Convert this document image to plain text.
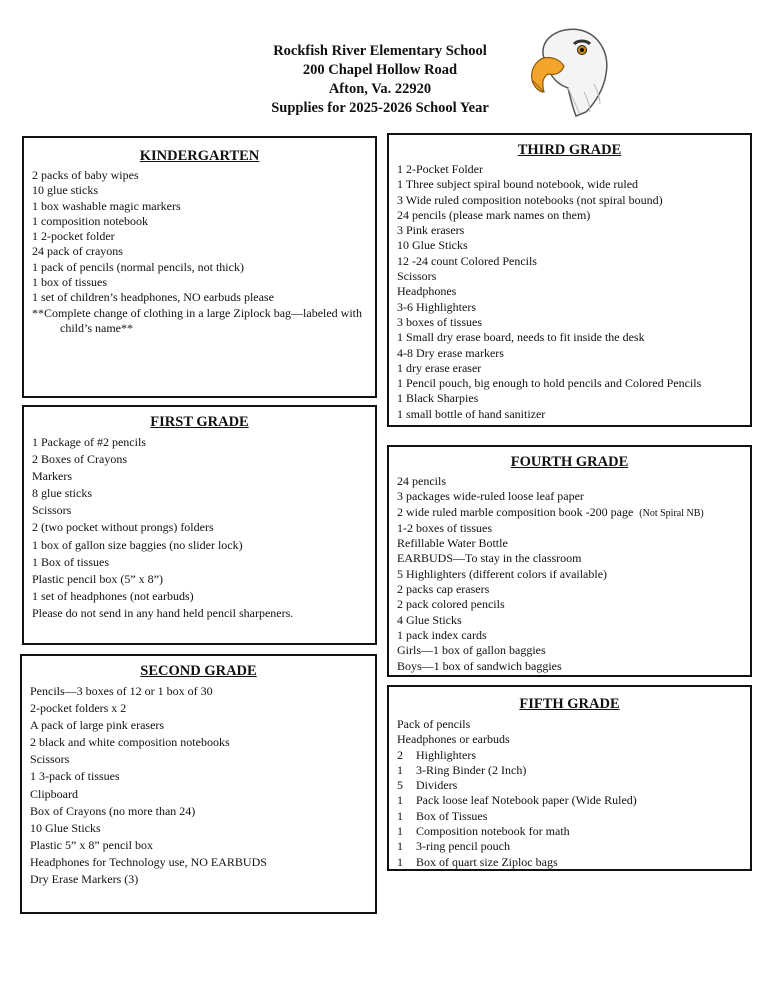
Rockfish River Elementary School
200 Chapel Hollow Road
Afton, Va. 22920
Supplies for 2025-2026 School Year
KINDERGARTEN
2 packs of baby wipes
10 glue sticks
1 box washable magic markers
1 composition notebook
1 2-pocket folder
24 pack of crayons
1 pack of pencils (normal pencils, not thick)
1 box of tissues
1 set of children’s headphones, NO earbuds please
**Complete change of clothing in a large Ziplock bag—labeled with child’s name**
FIRST GRADE
1 Package of #2 pencils
2 Boxes of Crayons
Markers
8 glue sticks
Scissors
2 (two pocket without prongs) folders
1 box of gallon size baggies (no slider lock)
1 Box of tissues
Plastic pencil box (5” x 8”)
1 set of headphones (not earbuds)
Please do not send in any hand held pencil sharpeners.
SECOND GRADE
Pencils—3 boxes of 12 or 1 box of 30
2-pocket folders x 2
A pack of large pink erasers
2 black and white composition notebooks
Scissors
1 3-pack of tissues
Clipboard
Box of Crayons (no more than 24)
10 Glue Sticks
Plastic 5” x 8” pencil box
Headphones for Technology use, NO EARBUDS
Dry Erase Markers (3)
THIRD GRADE
1 2-Pocket Folder
1 Three subject spiral bound notebook, wide ruled
3 Wide ruled composition notebooks (not spiral bound)
24 pencils (please mark names on them)
3 Pink erasers
10 Glue Sticks
12 -24 count Colored Pencils
Scissors
Headphones
3-6 Highlighters
3 boxes of tissues
1 Small dry erase board, needs to fit inside the desk
4-8 Dry erase markers
1 dry erase eraser
1 Pencil pouch, big enough to hold pencils and Colored Pencils
1 Black Sharpies
1 small bottle of hand sanitizer
FOURTH GRADE
24 pencils
3 packages wide-ruled loose leaf paper
2 wide ruled marble composition book -200 page (Not Spiral NB)
1-2 boxes of tissues
Refillable Water Bottle
EARBUDS—To stay in the classroom
5 Highlighters (different colors if available)
2 packs cap erasers
2 pack colored pencils
4 Glue Sticks
1 pack index cards
Girls—1 box of gallon baggies
Boys—1 box of sandwich baggies
FIFTH GRADE
Pack of pencils
Headphones or earbuds
2 Highlighters
1 3-Ring Binder (2 Inch)
5 Dividers
1 Pack loose leaf Notebook paper (Wide Ruled)
1 Box of Tissues
1 Composition notebook for math
1 3-ring pencil pouch
1 Box of quart size Ziploc bags
